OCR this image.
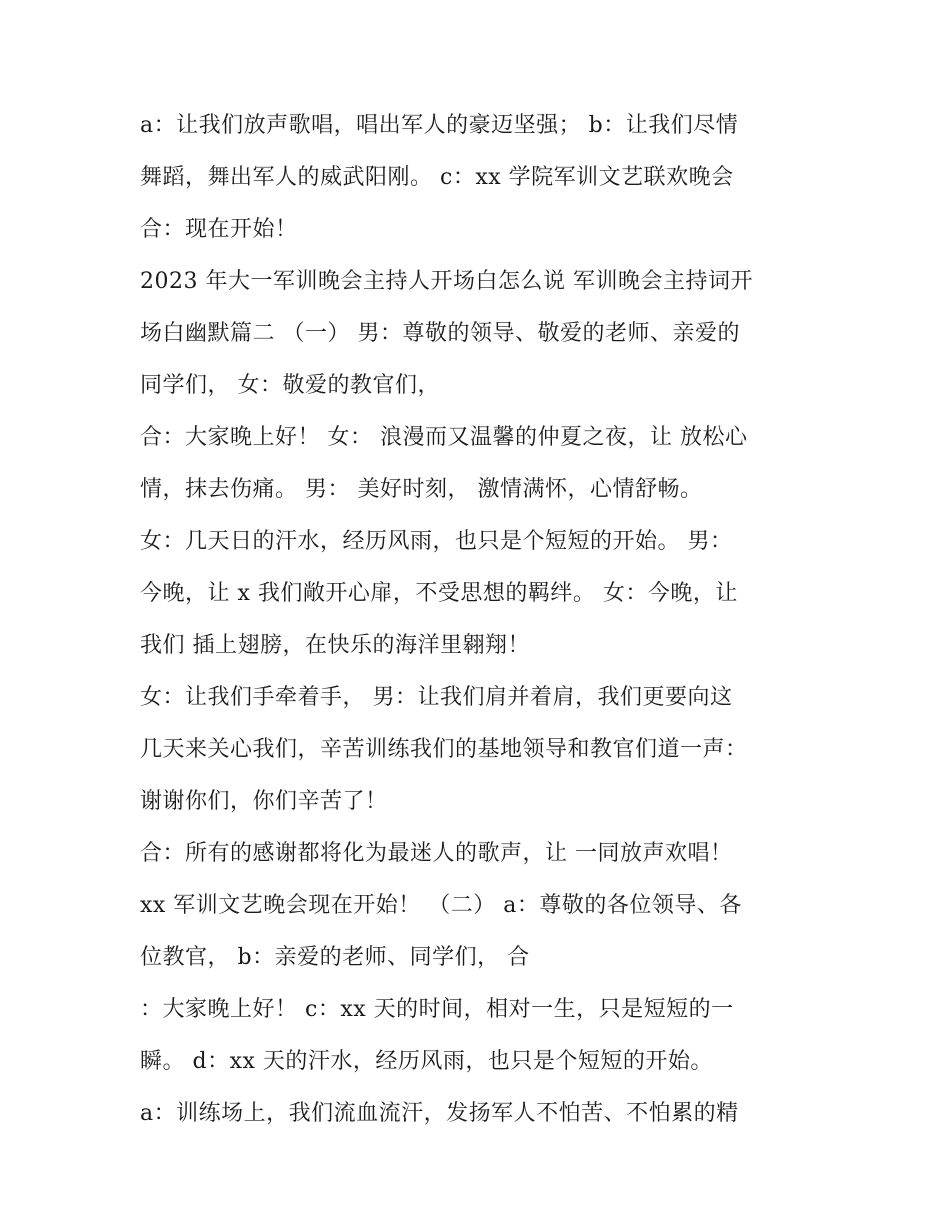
a：让我们放声歌唱，唱出军人的豪迈坚强； b：让我们尽情
舞蹈，舞出军人的威武阳刚。 c：xx 学院军训文艺联欢晚会
合：现在开始！
2023 年大一军训晚会主持人开场白怎么说 军训晚会主持词开
场白幽默篇二 （一） 男：尊敬的领导、敬爱的老师、亲爱的
同学们， 女：敬爱的教官们，
合：大家晚上好！ 女： 浪漫而又温馨的仲夏之夜，让 放松心
情，抹去伤痛。 男： 美好时刻， 激情满怀，心情舒畅。
女：几天日的汗水，经历风雨，也只是个短短的开始。 男：
今晚，让 x 我们敞开心扉，不受思想的羁绊。 女：今晚，让
我们 插上翅膀，在快乐的海洋里翱翔！
女：让我们手牵着手， 男：让我们肩并着肩，我们更要向这
几天来关心我们，辛苦训练我们的基地领导和教官们道一声：
谢谢你们，你们辛苦了！
合：所有的感谢都将化为最迷人的歌声，让 一同放声欢唱！
xx 军训文艺晚会现在开始！ （二） a：尊敬的各位领导、各
位教官， b：亲爱的老师、同学们， 合
：大家晚上好！ c：xx 天的时间，相对一生，只是短短的一
瞬。 d：xx 天的汗水，经历风雨，也只是个短短的开始。
a：训练场上，我们流血流汗，发扬军人不怕苦、不怕累的精
